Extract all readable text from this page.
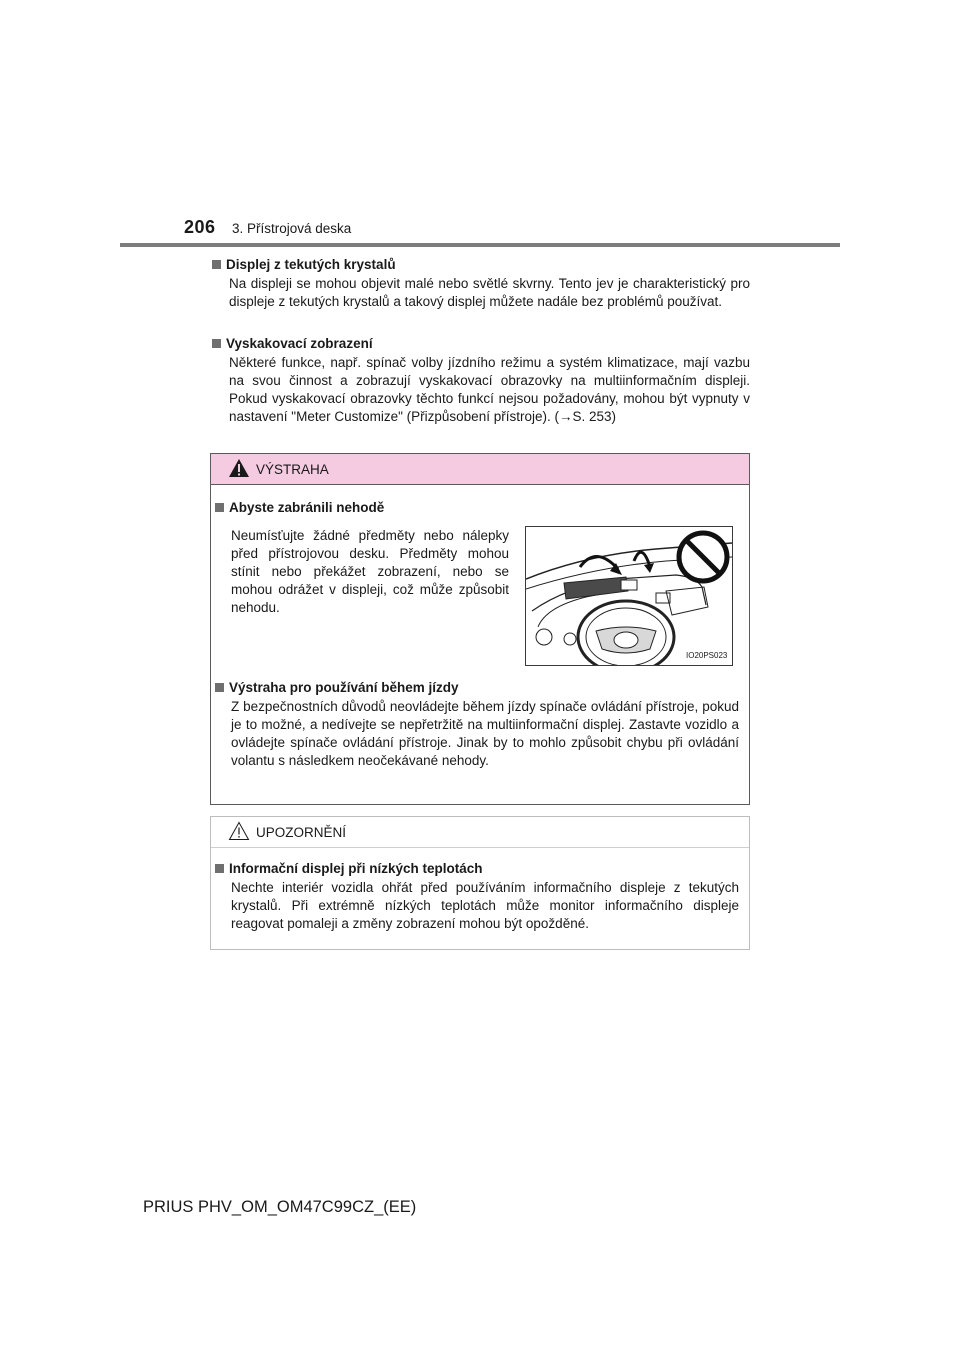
206 3. Přístrojová deska
Displej z tekutých krystalů
Na displeji se mohou objevit malé nebo světlé skvrny. Tento jev je charakteristický pro displeje z tekutých krystalů a takový displej můžete nadále bez problémů používat.
Vyskakovací zobrazení
Některé funkce, např. spínač volby jízdního režimu a systém klimatizace, mají vazbu na svou činnost a zobrazují vyskakovací obrazovky na multiinformačním displeji. Pokud vyskakovací obrazovky těchto funkcí nejsou požadovány, mohou být vypnuty v nastavení "Meter Customize" (Přizpůsobení přístroje). (→S. 253)
VÝSTRAHA
Abyste zabránili nehodě
Neumísťujte žádné předměty nebo nálepky před přístrojovou desku. Předměty mohou stínit nebo překážet zobrazení, nebo se mohou odrážet v displeji, což může způsobit nehodu.
Výstraha pro používání během jízdy
Z bezpečnostních důvodů neovládejte během jízdy spínače ovládání přístroje, pokud je to možné, a nedívejte se nepřetržitě na multiinformační displej. Zastavte vozidlo a ovládejte spínače ovládání přístroje. Jinak by to mohlo způsobit chybu při ovládání volantu s následkem neočekávané nehody.
IO20PS023
UPOZORNĚNÍ
Informační displej při nízkých teplotách
Nechte interiér vozidla ohřát před používáním informačního displeje z tekutých krystalů. Při extrémně nízkých teplotách může monitor informačního displeje reagovat pomaleji a změny zobrazení mohou být opožděné.
PRIUS PHV_OM_OM47C99CZ_(EE)
